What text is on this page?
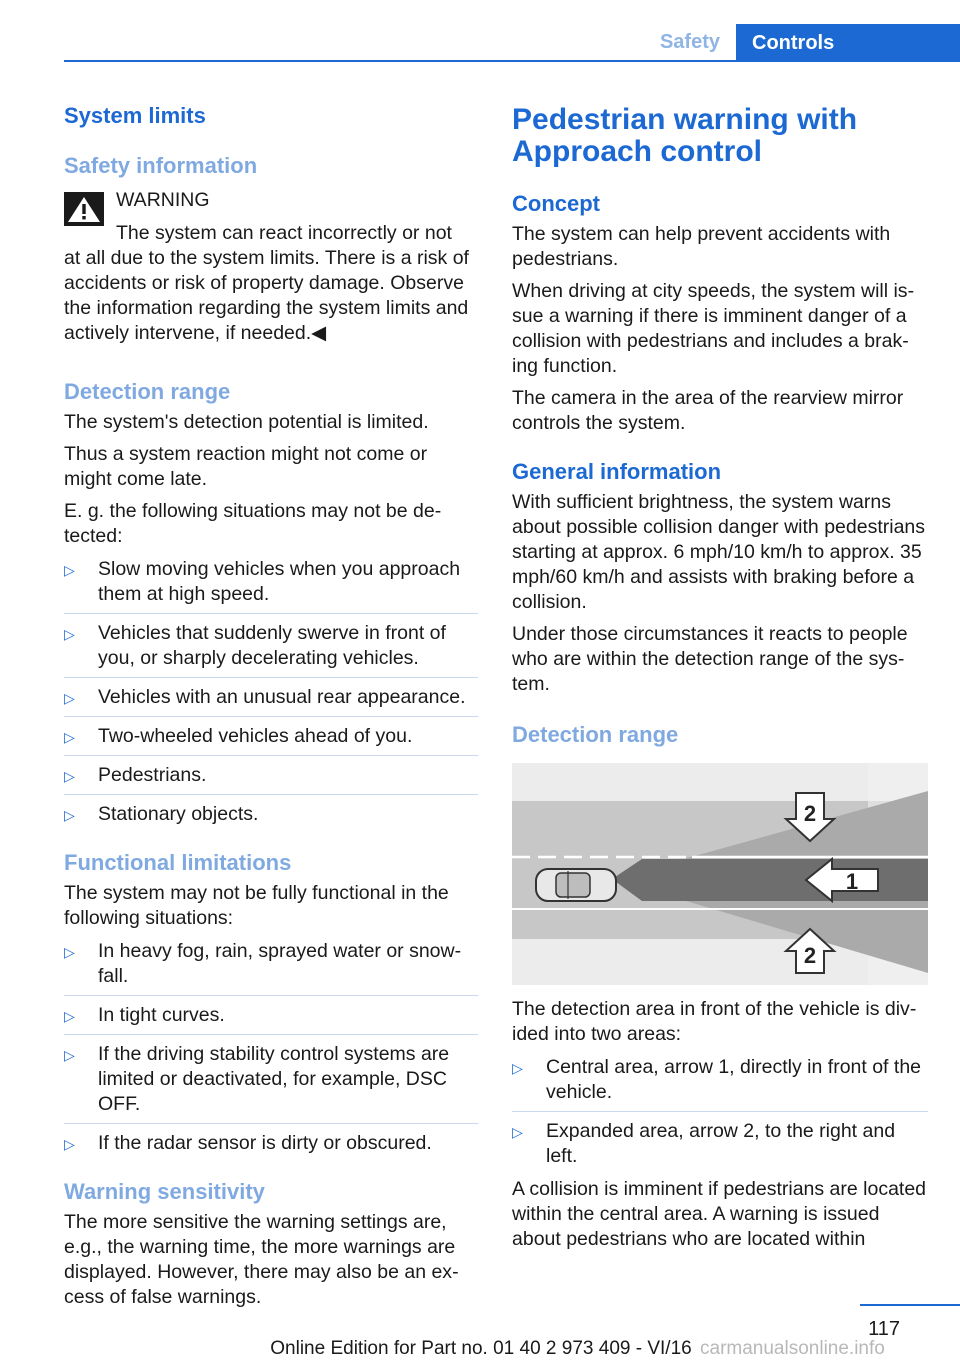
Safety	Controls
System limits
Safety information
WARNING

The system can react incorrectly or not

at all due to the system limits. There is a risk of accidents or risk of property damage. Observe the information regarding the system limits and actively intervene, if needed.◀

Detection range

The system's detection potential is limited.

Thus a system reaction might not come or might come late.

E. g. the following situations may not be detected:

▷ Slow moving vehicles when you approach them at high speed.
▷ Vehicles that suddenly swerve in front of you, or sharply decelerating vehicles.
▷ Vehicles with an unusual rear appearance.
▷ Two-wheeled vehicles ahead of you.
▷ Pedestrians.
▷ Stationary objects.
Functional limitations

The system may not be fully functional in the following situations:

▷ In heavy fog, rain, sprayed water or snowfall.
▷ In tight curves.
▷ If the driving stability control systems are limited or deactivated, for example, DSC OFF.
▷ If the radar sensor is dirty or obscured.
Warning sensitivity

The more sensitive the warning settings are, e.g., the warning time, the more warnings are displayed. However, there may also be an excess of false warnings.

Pedestrian warning with Approach control
Concept

The system can help prevent accidents with pedestrians.

When driving at city speeds, the system will issue a warning if there is imminent danger of a collision with pedestrians and includes a braking function.

The camera in the area of the rearview mirror controls the system.

General information

With sufficient brightness, the system warns about possible collision danger with pedestrians starting at approx. 6 mph/10 km/h to approx. 35 mph/60 km/h and assists with braking before a collision.

Under those circumstances it reacts to people who are within the detection range of the system.

Detection range
1
2
2

The detection area in front of the vehicle is divided into two areas:

▷ Central area, arrow 1, directly in front of the vehicle.
▷ Expanded area, arrow 2, to the right and left.

A collision is imminent if pedestrians are located within the central area. A warning is issued about pedestrians who are located within

117
Online Edition for Part no. 01 40 2 973 409 - VI/16 carmanualsonline.info
